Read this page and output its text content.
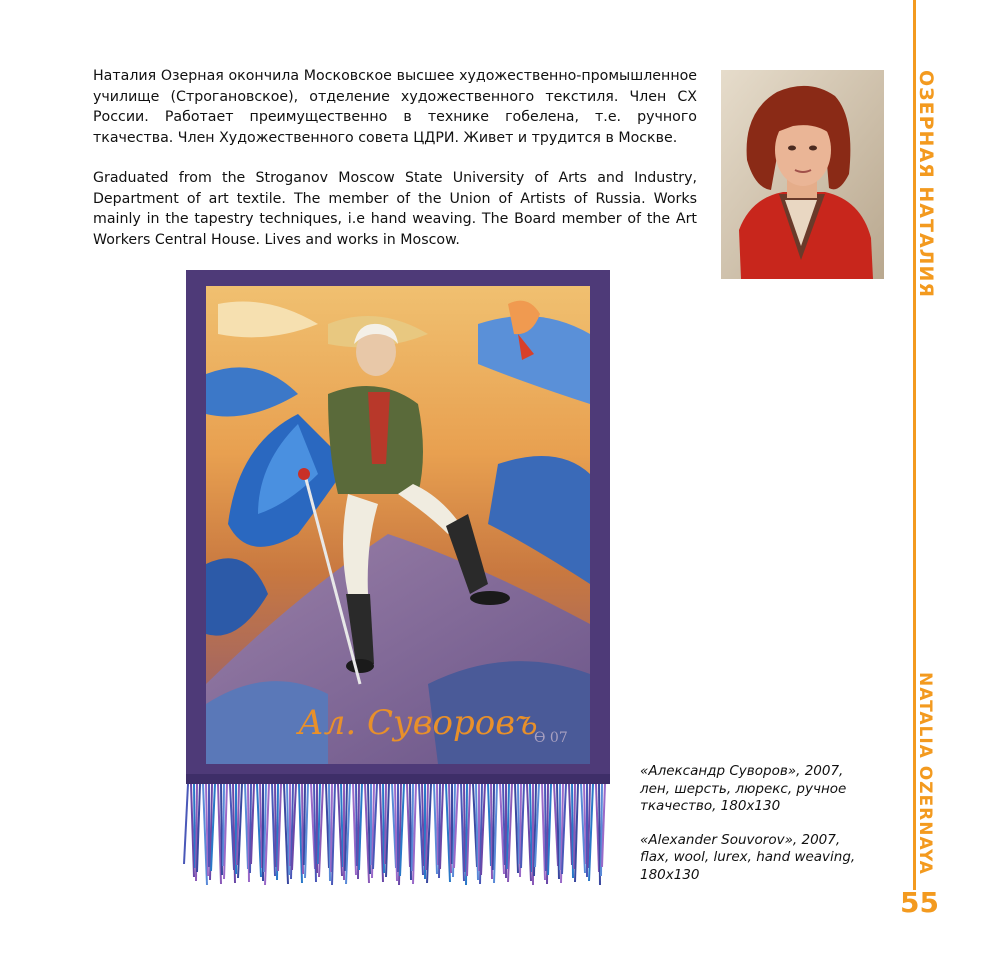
Наталия Озерная окончила Московское высшее художественно-промышленное училище (Строгановское), отделение художественного текстиля. Член СХ России. Работает преимущественно в технике гобелена, т.е. ручного ткачества. Член Художественного совета ЦДРИ. Живет и трудится в Москве.

Graduated from the Stroganov Moscow State University of Arts and Industry, Department of art textile. The member of the Union of Artists of Russia. Works mainly in the tapestry techniques, i.e hand weaving. The Board member of the Art Workers Central House. Lives and works in Moscow.	ОЗЕРНАЯ НАТАЛИЯ
NATALIA OZERNAYA
55
Ал. Суворовъ
Ѳ 07

«Александр Суворов», 2007,
лен, шерсть, люрекс, ручное ткачество, 180x130

«Alexander Souvorov», 2007,
flax, wool, lurex, hand weaving, 180x130
